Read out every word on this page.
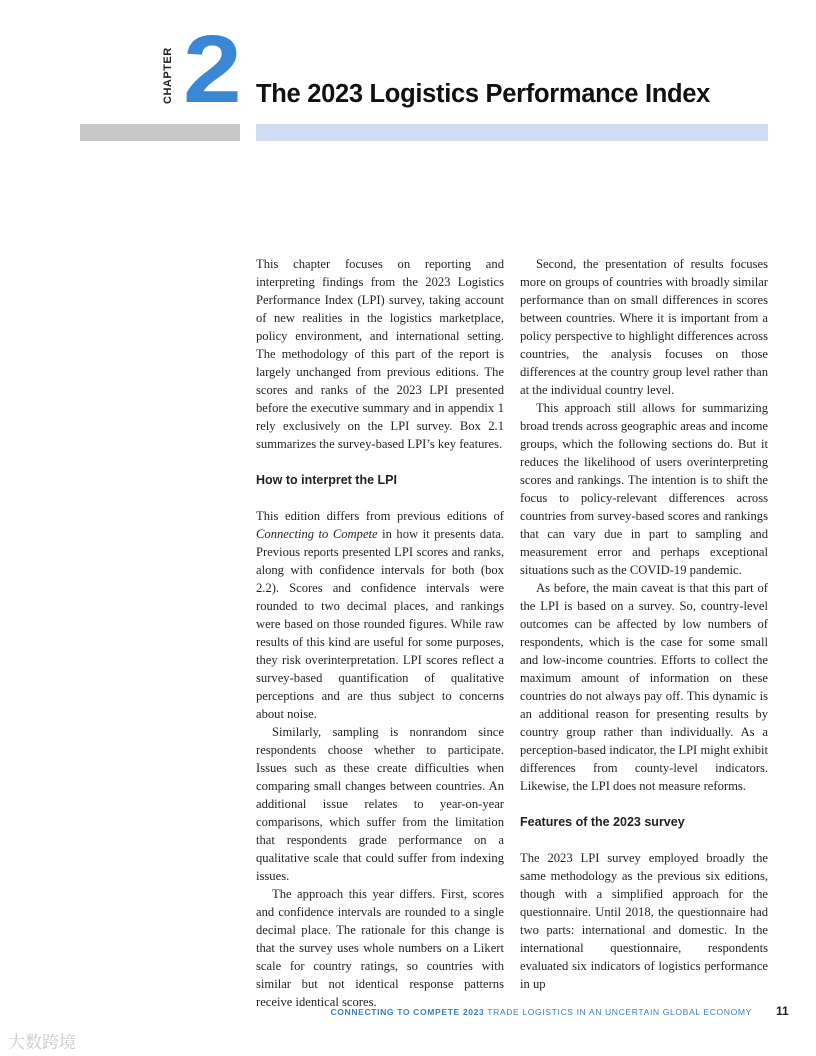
CHAPTER 2 The 2023 Logistics Performance Index

This chapter focuses on reporting and interpreting findings from the 2023 Logistics Performance Index (LPI) survey, taking account of new realities in the logistics marketplace, policy environment, and international setting. The methodology of this part of the report is largely unchanged from previous editions. The scores and ranks of the 2023 LPI presented before the executive summary and in appendix 1 rely exclusively on the LPI survey. Box 2.1 summarizes the survey-based LPI’s key features.

How to interpret the LPI

This edition differs from previous editions of Connecting to Compete in how it presents data. Previous reports presented LPI scores and ranks, along with confidence intervals for both (box 2.2). Scores and confidence intervals were rounded to two decimal places, and rankings were based on those rounded figures. While raw results of this kind are useful for some purposes, they risk overinterpretation. LPI scores reflect a survey-based quantification of qualitative perceptions and are thus subject to concerns about noise.

Similarly, sampling is nonrandom since respondents choose whether to participate. Issues such as these create difficulties when comparing small changes between countries. An additional issue relates to year-on-year comparisons, which suffer from the limitation that respondents grade performance on a qualitative scale that could suffer from indexing issues.

The approach this year differs. First, scores and confidence intervals are rounded to a single decimal place. The rationale for this change is that the survey uses whole numbers on a Likert scale for country ratings, so countries with similar but not identical response patterns receive identical scores.

Second, the presentation of results focuses more on groups of countries with broadly similar performance than on small differences in scores between countries. Where it is important from a policy perspective to highlight differences across countries, the analysis focuses on those differences at the country group level rather than at the individual country level.

This approach still allows for summarizing broad trends across geographic areas and income groups, which the following sections do. But it reduces the likelihood of users overinterpreting scores and rankings. The intention is to shift the focus to policy-relevant differences across countries from survey-based scores and rankings that can vary due in part to sampling and measurement error and perhaps exceptional situations such as the COVID-19 pandemic.

As before, the main caveat is that this part of the LPI is based on a survey. So, country-level outcomes can be affected by low numbers of respondents, which is the case for some small and low-income countries. Efforts to collect the maximum amount of information on these countries do not always pay off. This dynamic is an additional reason for presenting results by country group rather than individually. As a perception-based indicator, the LPI might exhibit differences from county-level indicators. Likewise, the LPI does not measure reforms.

Features of the 2023 survey

The 2023 LPI survey employed broadly the same methodology as the previous six editions, though with a simplified approach for the questionnaire. Until 2018, the questionnaire had two parts: international and domestic. In the international questionnaire, respondents evaluated six indicators of logistics performance in up

CONNECTING TO COMPETE 2023 TRADE LOGISTICS IN AN UNCERTAIN GLOBAL ECONOMY 11
大数跨境
